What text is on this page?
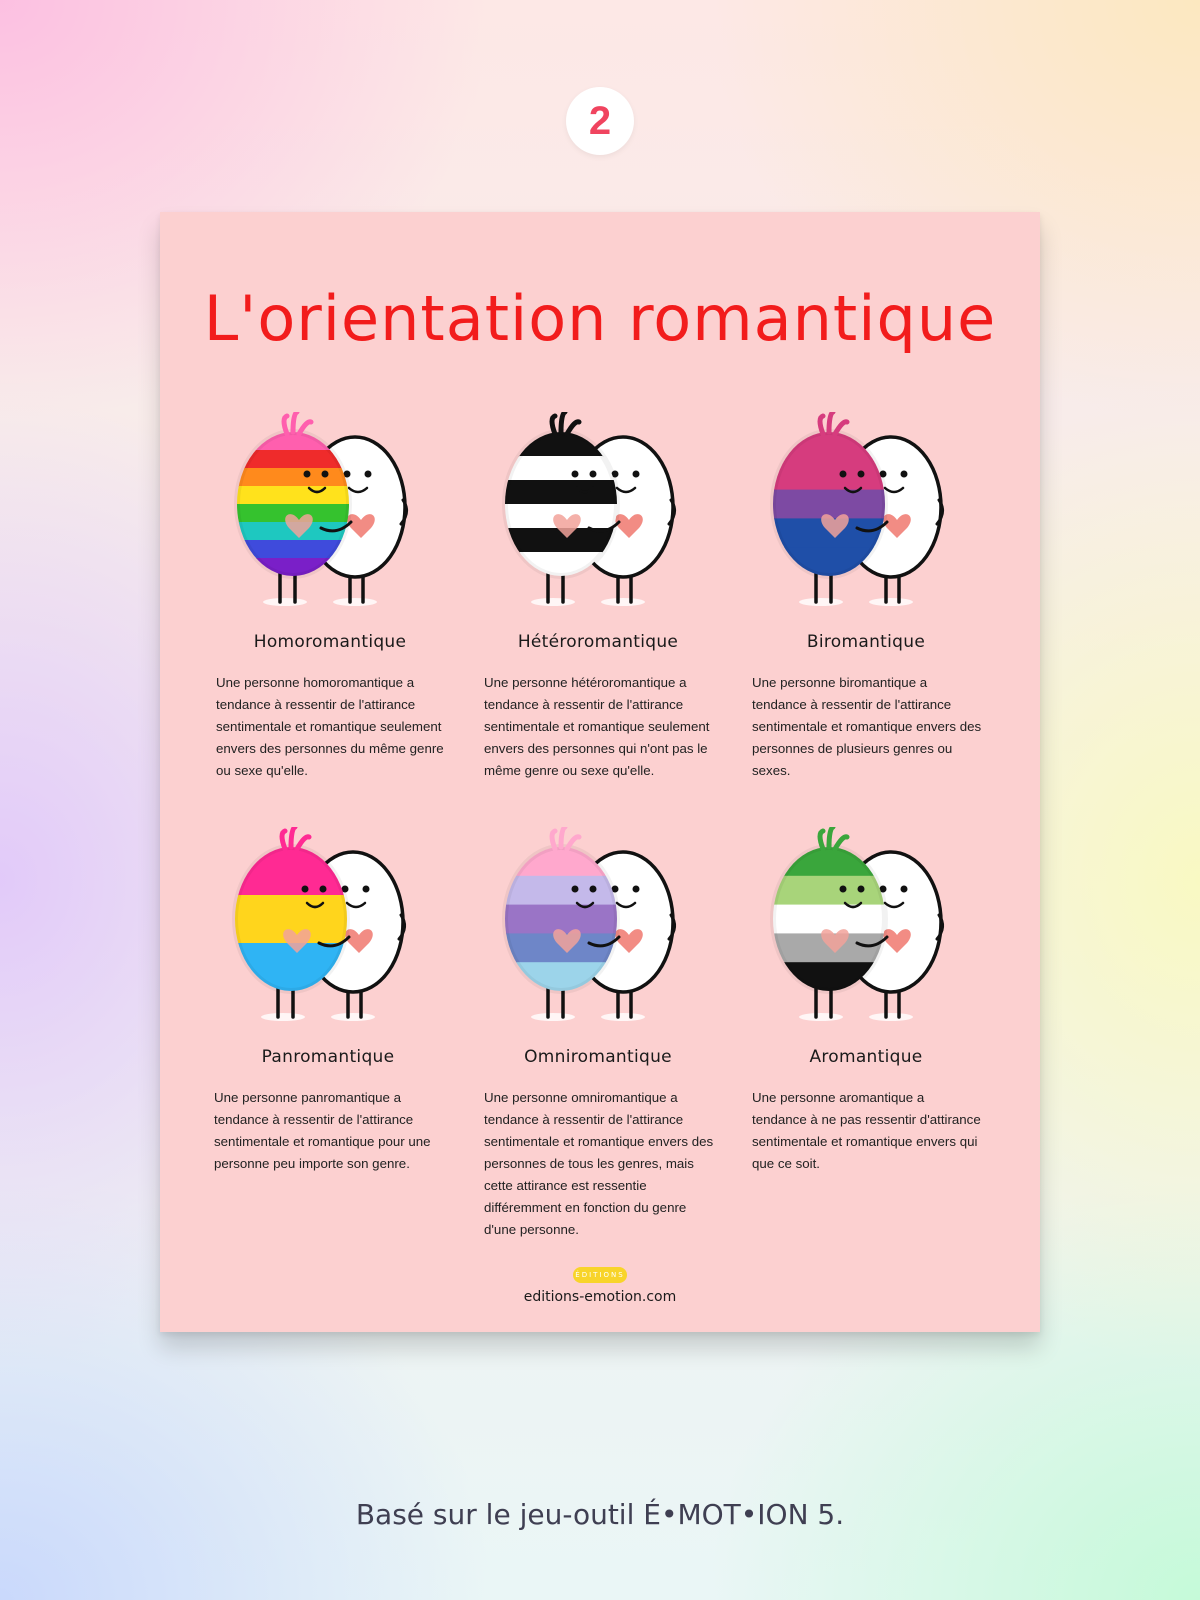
2
L'orientation romantique
Homoromantique
Une personne homoromantique a tendance à ressentir de l'attirance sentimentale et romantique seulement envers des personnes du même genre ou sexe qu'elle.
Hétéroromantique
Une personne hétéroromantique a tendance à ressentir de l'attirance sentimentale et romantique seulement envers des personnes qui n'ont pas le même genre ou sexe qu'elle.
Biromantique
Une personne biromantique a tendance à ressentir de l'attirance sentimentale et romantique envers des personnes de plusieurs genres ou sexes.
Panromantique
Une personne panromantique a tendance à ressentir de l'attirance sentimentale et romantique pour une personne peu importe son genre.
Omniromantique
Une personne omniromantique a tendance à ressentir de l'attirance sentimentale et romantique envers des personnes de tous les genres, mais cette attirance est ressentie différemment en fonction du genre d'une personne.
Aromantique
Une personne aromantique a tendance à ne pas ressentir d'attirance sentimentale et romantique envers qui que ce soit.
ÉDITIONS
editions-emotion.com
Basé sur le jeu-outil É•MOT•ION 5.
